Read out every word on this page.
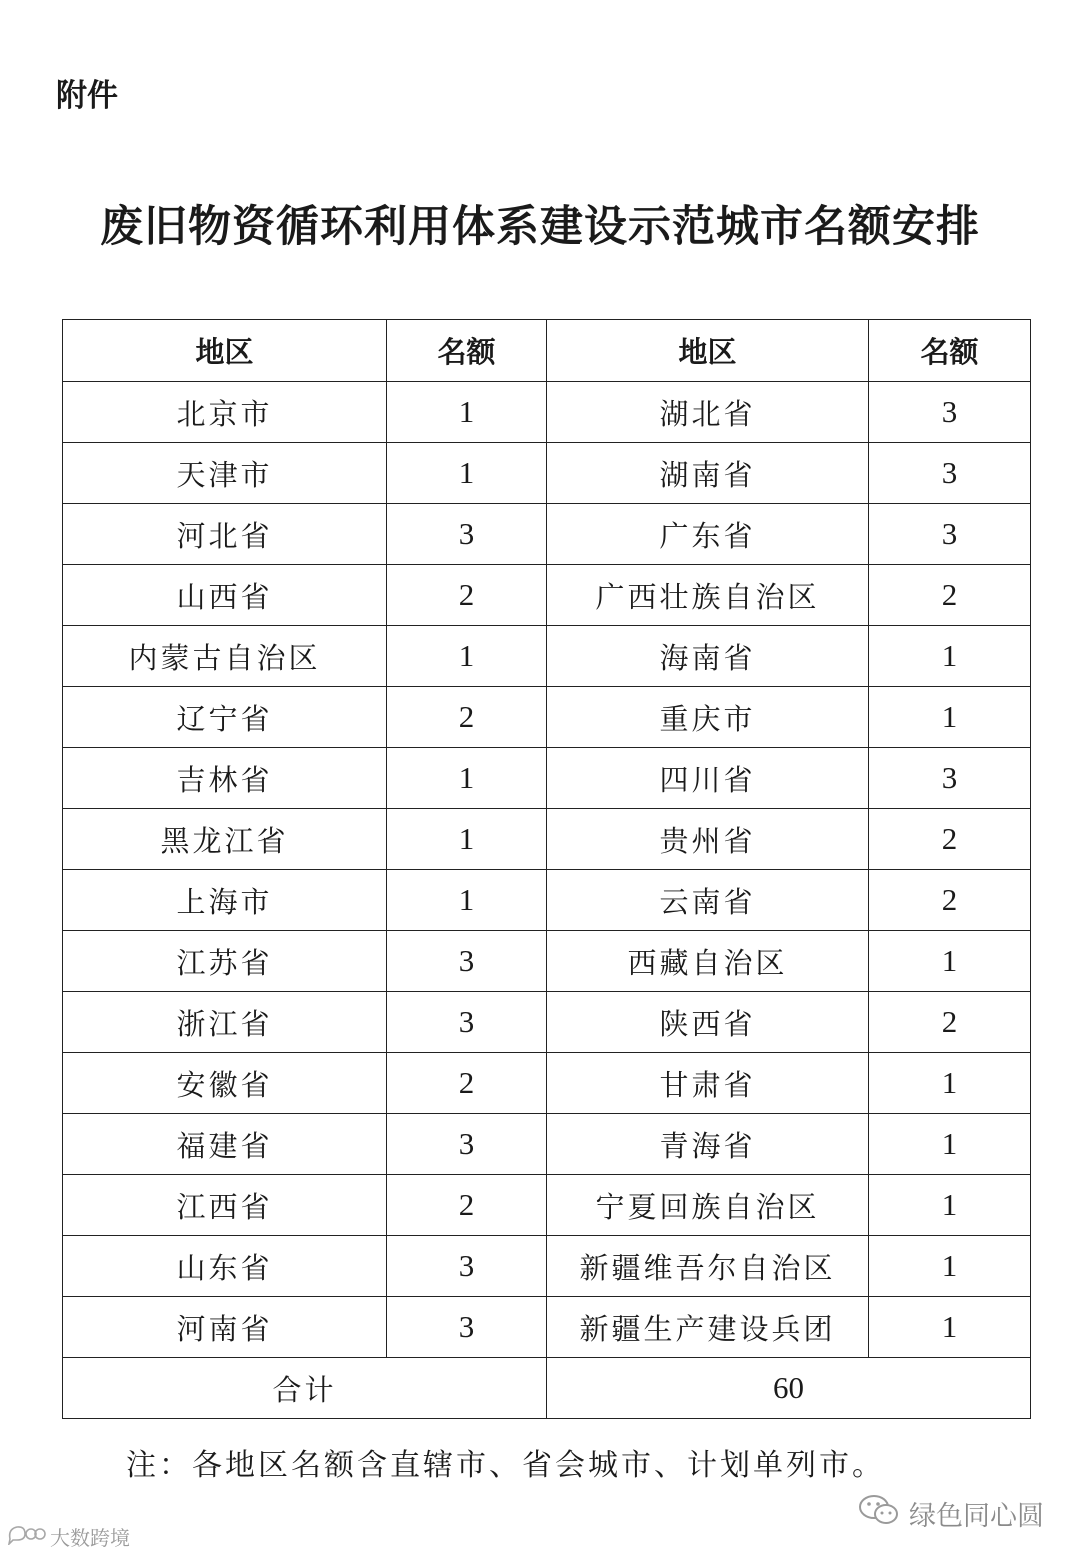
附件

废旧物资循环利用体系建设示范城市名额安排
地区	名额	地区	名额
北京市	1	湖北省	3
天津市	1	湖南省	3
河北省	3	广东省	3
山西省	2	广西壮族自治区	2
内蒙古自治区	1	海南省	1
辽宁省	2	重庆市	1
吉林省	1	四川省	3
黑龙江省	1	贵州省	2
上海市	1	云南省	2
江苏省	3	西藏自治区	1
浙江省	3	陕西省	2
安徽省	2	甘肃省	1
福建省	3	青海省	1
江西省	2	宁夏回族自治区	1
山东省	3	新疆维吾尔自治区	1
河南省	3	新疆生产建设兵团	1
合计		60	

注：各地区名额含直辖市、省会城市、计划单列市。

大数跨境
绿色同心圆
